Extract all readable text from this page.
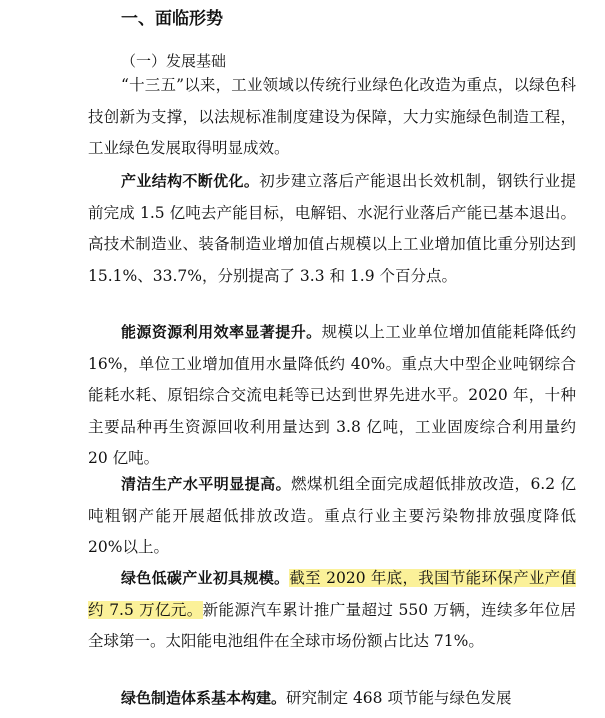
一、面临形势
（一）发展基础

“十三五”以来，工业领域以传统行业绿色化改造为重点，以绿色科技创新为支撑，以法规标准制度建设为保障，大力实施绿色制造工程，工业绿色发展取得明显成效。

产业结构不断优化。初步建立落后产能退出长效机制，钢铁行业提前完成 1.5 亿吨去产能目标，电解铝、水泥行业落后产能已基本退出。高技术制造业、装备制造业增加值占规模以上工业增加值比重分别达到 15.1%、33.7%，分别提高了 3.3 和 1.9 个百分点。

能源资源利用效率显著提升。规模以上工业单位增加值能耗降低约 16%，单位工业增加值用水量降低约 40%。重点大中型企业吨钢综合能耗水耗、原铝综合交流电耗等已达到世界先进水平。2020 年，十种主要品种再生资源回收利用量达到 3.8 亿吨，工业固废综合利用量约 20 亿吨。

清洁生产水平明显提高。燃煤机组全面完成超低排放改造，6.2 亿吨粗钢产能开展超低排放改造。重点行业主要污染物排放强度降低 20%以上。

绿色低碳产业初具规模。截至 2020 年底，我国节能环保产业产值约 7.5 万亿元。新能源汽车累计推广量超过 550 万辆，连续多年位居全球第一。太阳能电池组件在全球市场份额占比达 71%。

绿色制造体系基本构建。研究制定 468 项节能与绿色发展
